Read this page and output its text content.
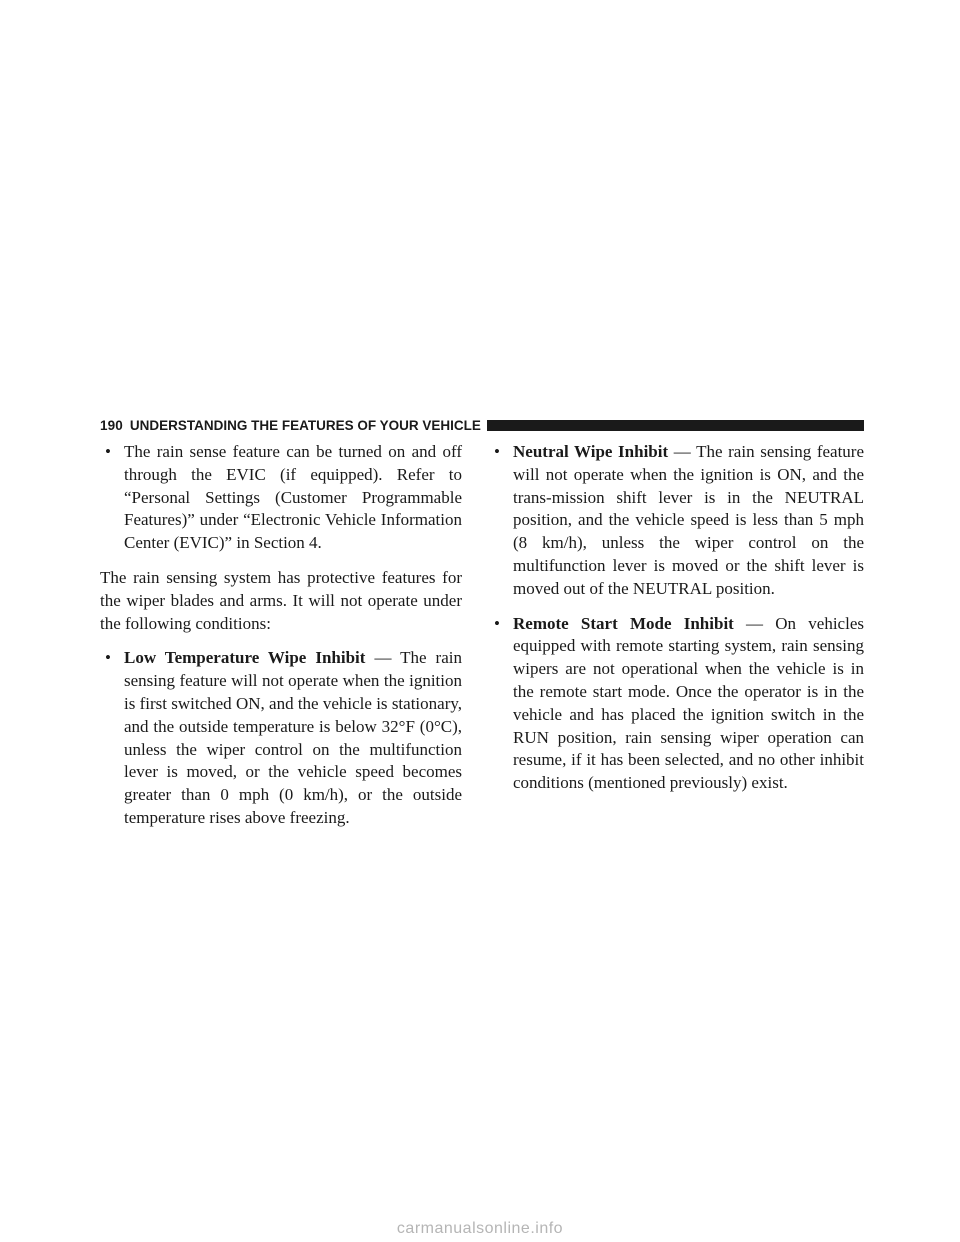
190 UNDERSTANDING THE FEATURES OF YOUR VEHICLE
• The rain sense feature can be turned on and off through the EVIC (if equipped). Refer to “Personal Settings (Customer Programmable Features)” under “Electronic Vehicle Information Center (EVIC)” in Section 4.

The rain sensing system has protective features for the wiper blades and arms. It will not operate under the following conditions:

• Low Temperature Wipe Inhibit — The rain sensing feature will not operate when the ignition is first switched ON, and the vehicle is stationary, and the outside temperature is below 32°F (0°C), unless the wiper control on the multifunction lever is moved, or the vehicle speed becomes greater than 0 mph (0 km/h), or the outside temperature rises above freezing.
• Neutral Wipe Inhibit — The rain sensing feature will not operate when the ignition is ON, and the trans-mission shift lever is in the NEUTRAL position, and the vehicle speed is less than 5 mph (8 km/h), unless the wiper control on the multifunction lever is moved or the shift lever is moved out of the NEUTRAL position.
• Remote Start Mode Inhibit — On vehicles equipped with remote starting system, rain sensing wipers are not operational when the vehicle is in the remote start mode. Once the operator is in the vehicle and has placed the ignition switch in the RUN position, rain sensing wiper operation can resume, if it has been selected, and no other inhibit conditions (mentioned previously) exist.
carmanualsonline.info
